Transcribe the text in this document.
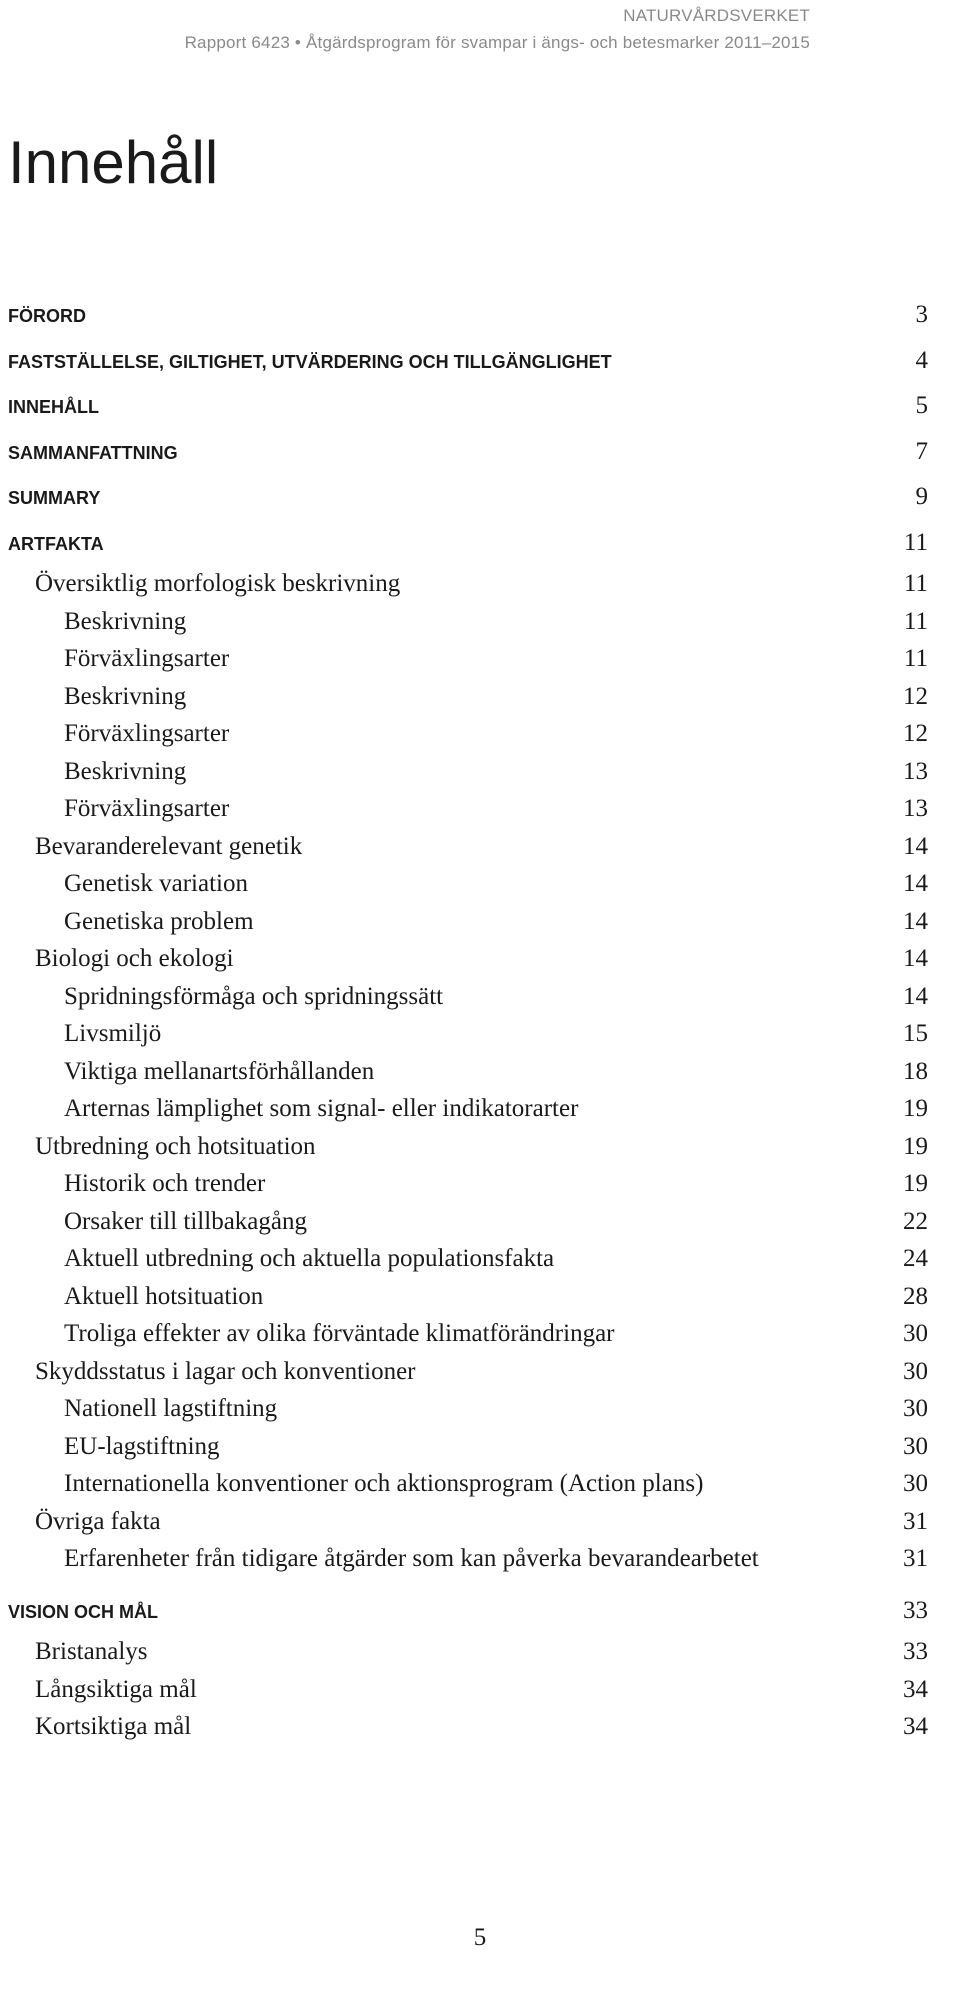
NATURVÅRDSVERKET
Rapport 6423 • Åtgärdsprogram för svampar i ängs- och betesmarker 2011–2015
Innehåll
FÖRORD	3
FASTSTÄLLELSE, GILTIGHET, UTVÄRDERING OCH TILLGÄNGLIGHET	4
INNEHÅLL	5
SAMMANFATTNING	7
SUMMARY	9
ARTFAKTA	11
Översiktlig morfologisk beskrivning	11
Beskrivning	11
Förväxlingsarter	11
Beskrivning	12
Förväxlingsarter	12
Beskrivning	13
Förväxlingsarter	13
Bevaranderelevant genetik	14
Genetisk variation	14
Genetiska problem	14
Biologi och ekologi	14
Spridningsförmåga och spridningssätt	14
Livsmiljö	15
Viktiga mellanartsförhållanden	18
Arternas lämplighet som signal- eller indikatorarter	19
Utbredning och hotsituation	19
Historik och trender	19
Orsaker till tillbakagång	22
Aktuell utbredning och aktuella populationsfakta	24
Aktuell hotsituation	28
Troliga effekter av olika förväntade klimatförändringar	30
Skyddsstatus i lagar och konventioner	30
Nationell lagstiftning	30
EU-lagstiftning	30
Internationella konventioner och aktionsprogram (Action plans)	30
Övriga fakta	31
Erfarenheter från tidigare åtgärder som kan påverka bevarandearbetet	31
VISION OCH MÅL	33
Bristanalys	33
Långsiktiga mål	34
Kortsiktiga mål	34
5
